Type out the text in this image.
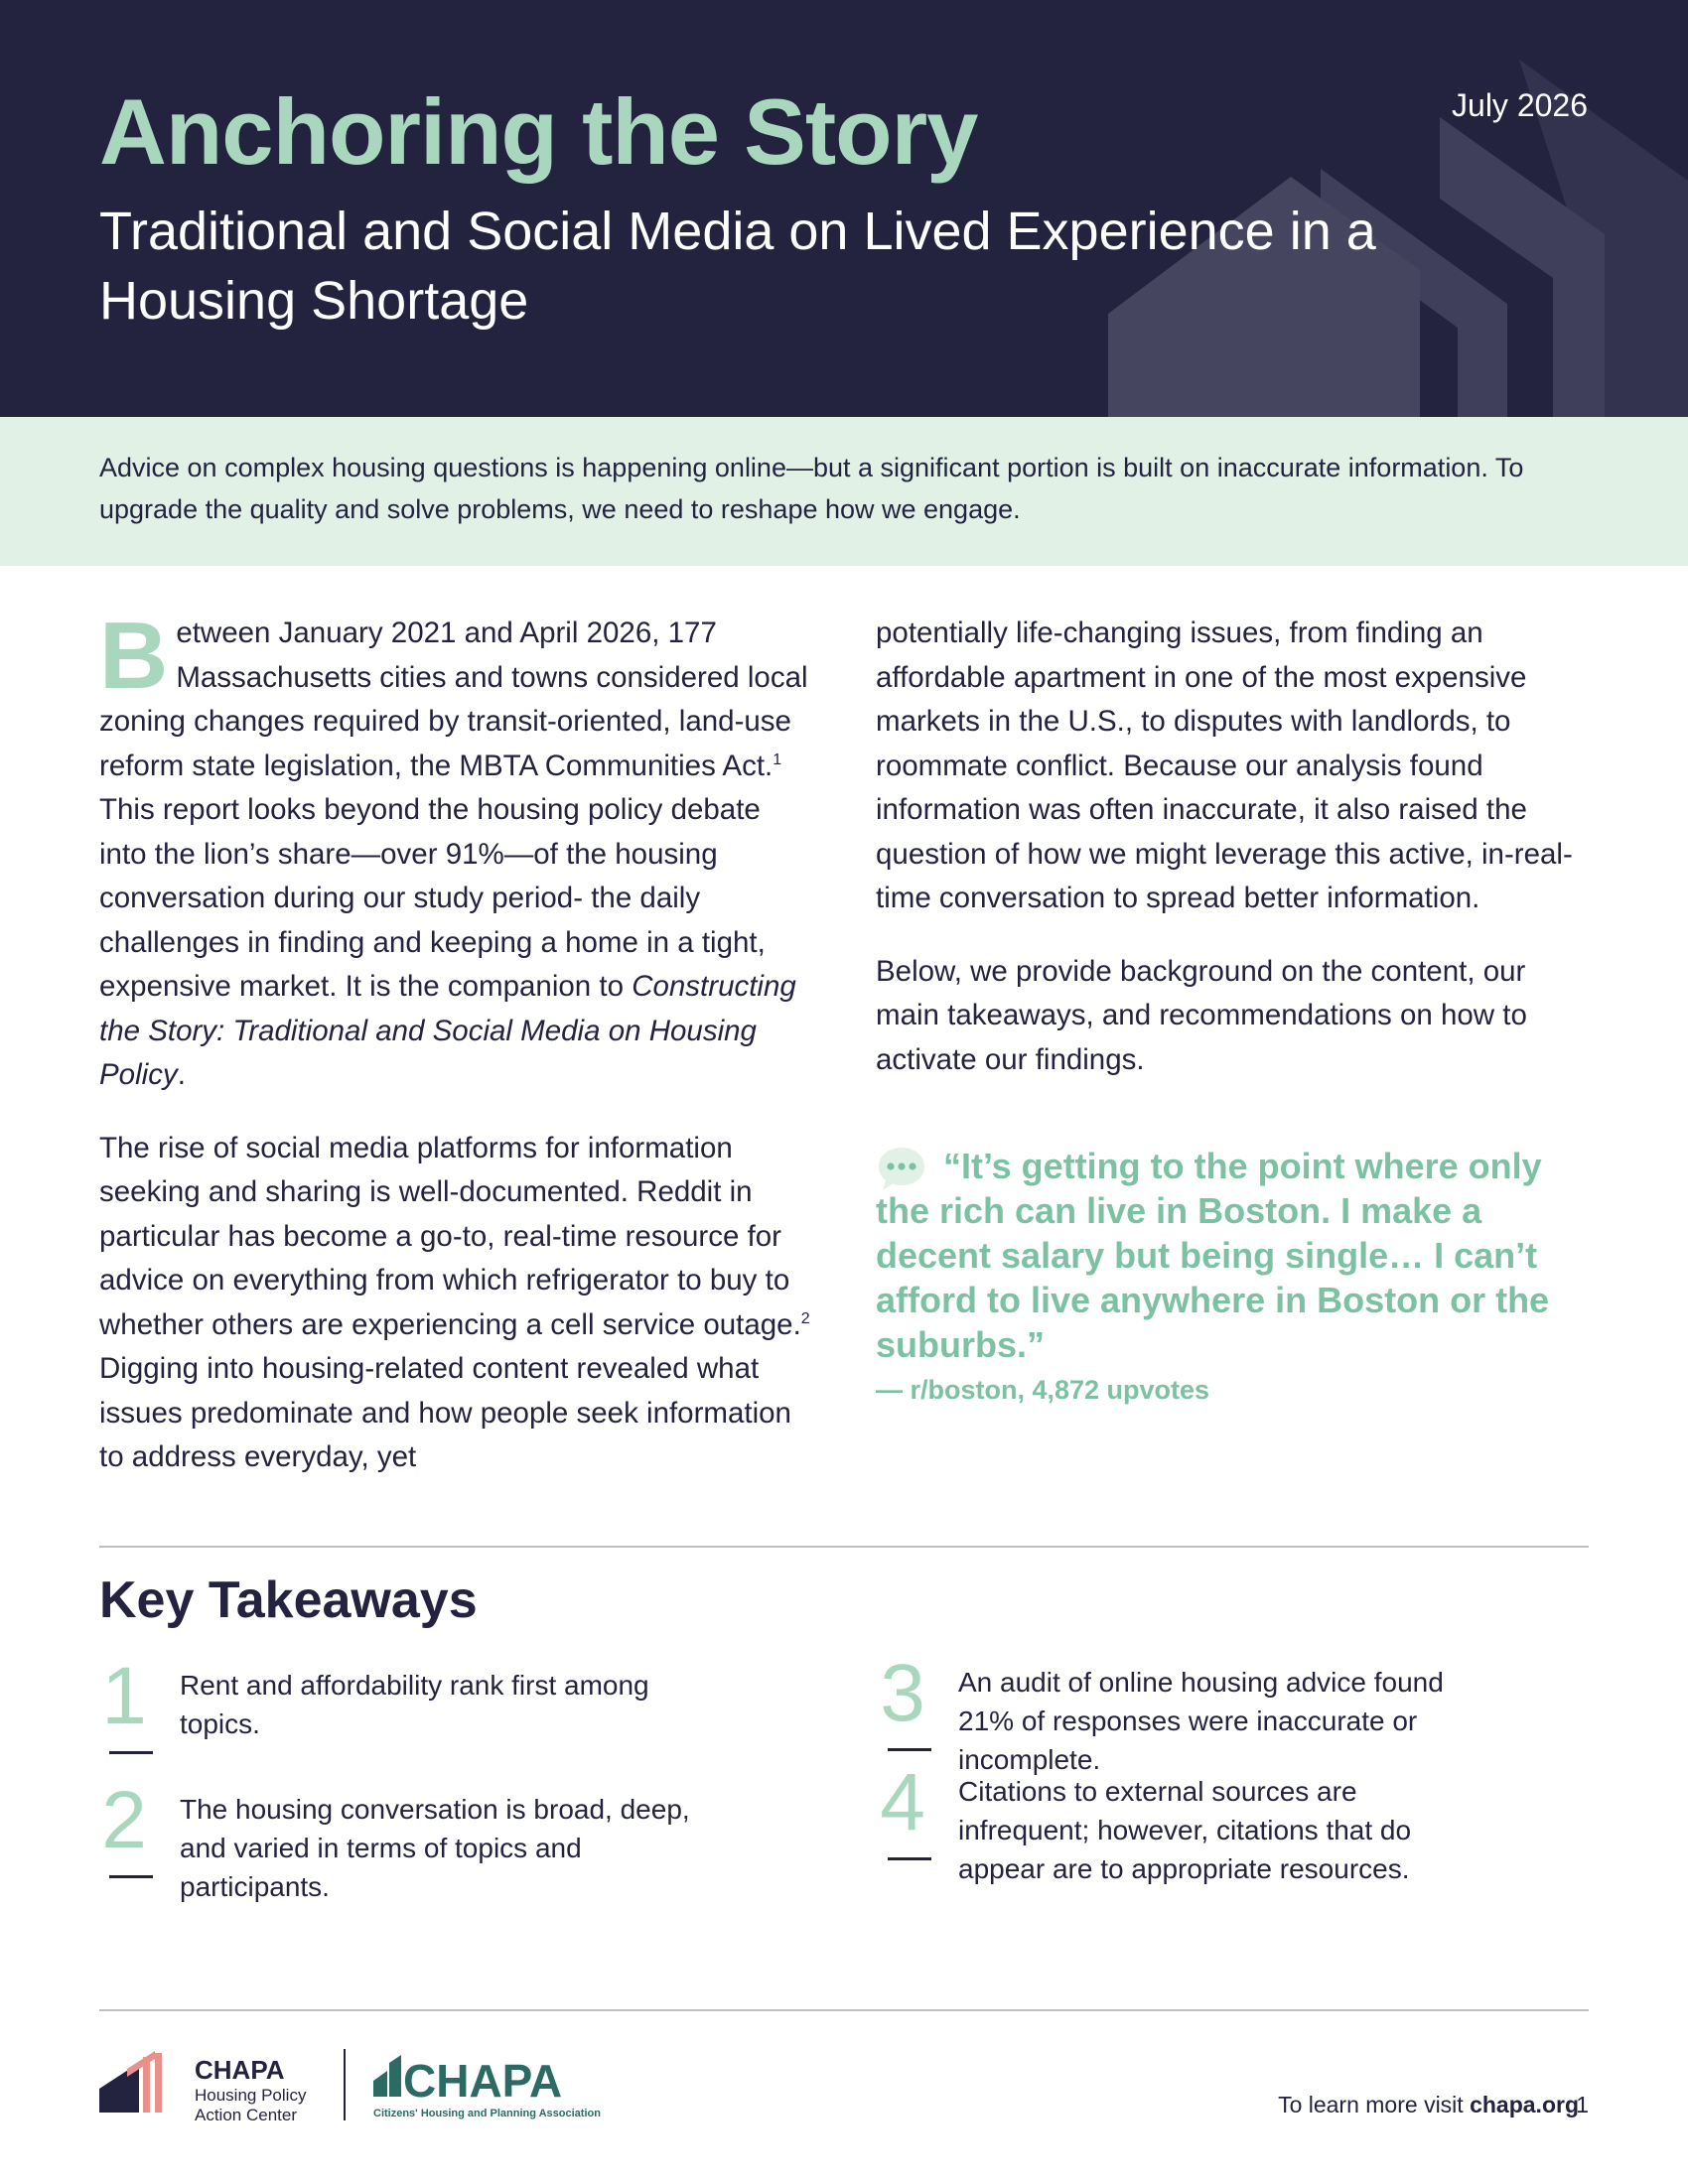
Anchoring the Story
Traditional and Social Media on Lived Experience in a Housing Shortage
July 2026

Advice on complex housing questions is happening online—but a significant portion is built on inaccurate information. To upgrade the quality and solve problems, we need to reshape how we engage.

Between January 2021 and April 2026, 177 Massachusetts cities and towns considered local zoning changes required by transit-oriented, land-use reform state legislation, the MBTA Communities Act.$^1$ This report looks beyond the housing policy debate into the lion’s share—over 91%—of the housing conversation during our study period- the daily challenges in finding and keeping a home in a tight, expensive market. It is the companion to Constructing the Story: Traditional and Social Media on Housing Policy.

The rise of social media platforms for information seeking and sharing is well-documented. Reddit in particular has become a go-to, real-time resource for advice on everything from which refrigerator to buy to whether others are experiencing a cell service outage.$^2$ Digging into housing-related content revealed what issues predominate and how people seek information to address everyday, yet

potentially life-changing issues, from finding an affordable apartment in one of the most expensive markets in the U.S., to disputes with landlords, to roommate conflict. Because our analysis found information was often inaccurate, it also raised the question of how we might leverage this active, in-real-time conversation to spread better information.

Below, we provide background on the content, our main takeaways, and recommendations on how to activate our findings.

“It’s getting to the point where only the rich can live in Boston. I make a decent salary but being single… I can’t afford to live anywhere in Boston or the suburbs.”

— r/boston, 4,872 upvotes

Key Takeaways
1 Rent and affordability rank first among topics.

2 The housing conversation is broad, deep, and varied in terms of topics and participants.

3 An audit of online housing advice found 21% of responses were inaccurate or incomplete.

4 Citations to external sources are infrequent; however, citations that do appear are to appropriate resources.

CHAPA
Housing Policy
Action Center
CHAPA
Citizens' Housing and Planning Association	To learn more visit chapa.org
1
